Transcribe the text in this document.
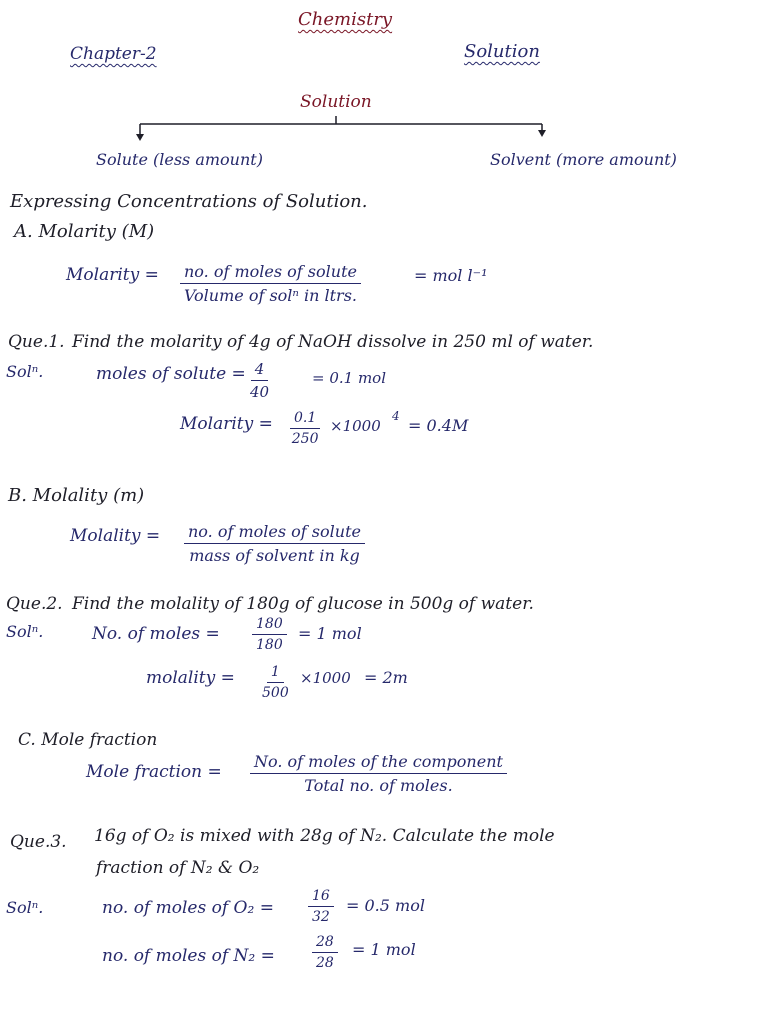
Chemistry
Chapter-2	Solution
Solution
Solute (less amount)	Solvent (more amount)
Expressing Concentrations of Solution.
A. Molarity (M)
Molarity = no. of moles of solute
Volume of solⁿ in ltrs.
= mol l⁻¹
Que.1. Find the molarity of 4g of NaOH dissolve in 250 ml of water.
Solⁿ.	moles of solute = $\frac{4}{40}$	= 0.1 mol
Molarity = $\frac{0.1}{250} \times 1000$
4 = 0.4M
B. Molality (m)
Molality = no. of moles of solute
mass of solvent in kg
Que.2. Find the molality of 180g of glucose in 500g of water.
Solⁿ.	No. of moles = $\frac{180}{180} = 1$ mol
molality = $\frac{1}{500} \times 1000 = 2m$
C. Mole fraction
Mole fraction =
No. of moles of the component
Total no. of moles.
Que.3. 16g of O₂ is mixed with 28g of N₂. Calculate the mole
fraction of N₂ & O₂
Solⁿ.	no. of moles of $O_2 = \frac{16}{32} = 0.5$ mol
no. of moles of N₂ =	$\frac{28}{28} = 1$ mol
